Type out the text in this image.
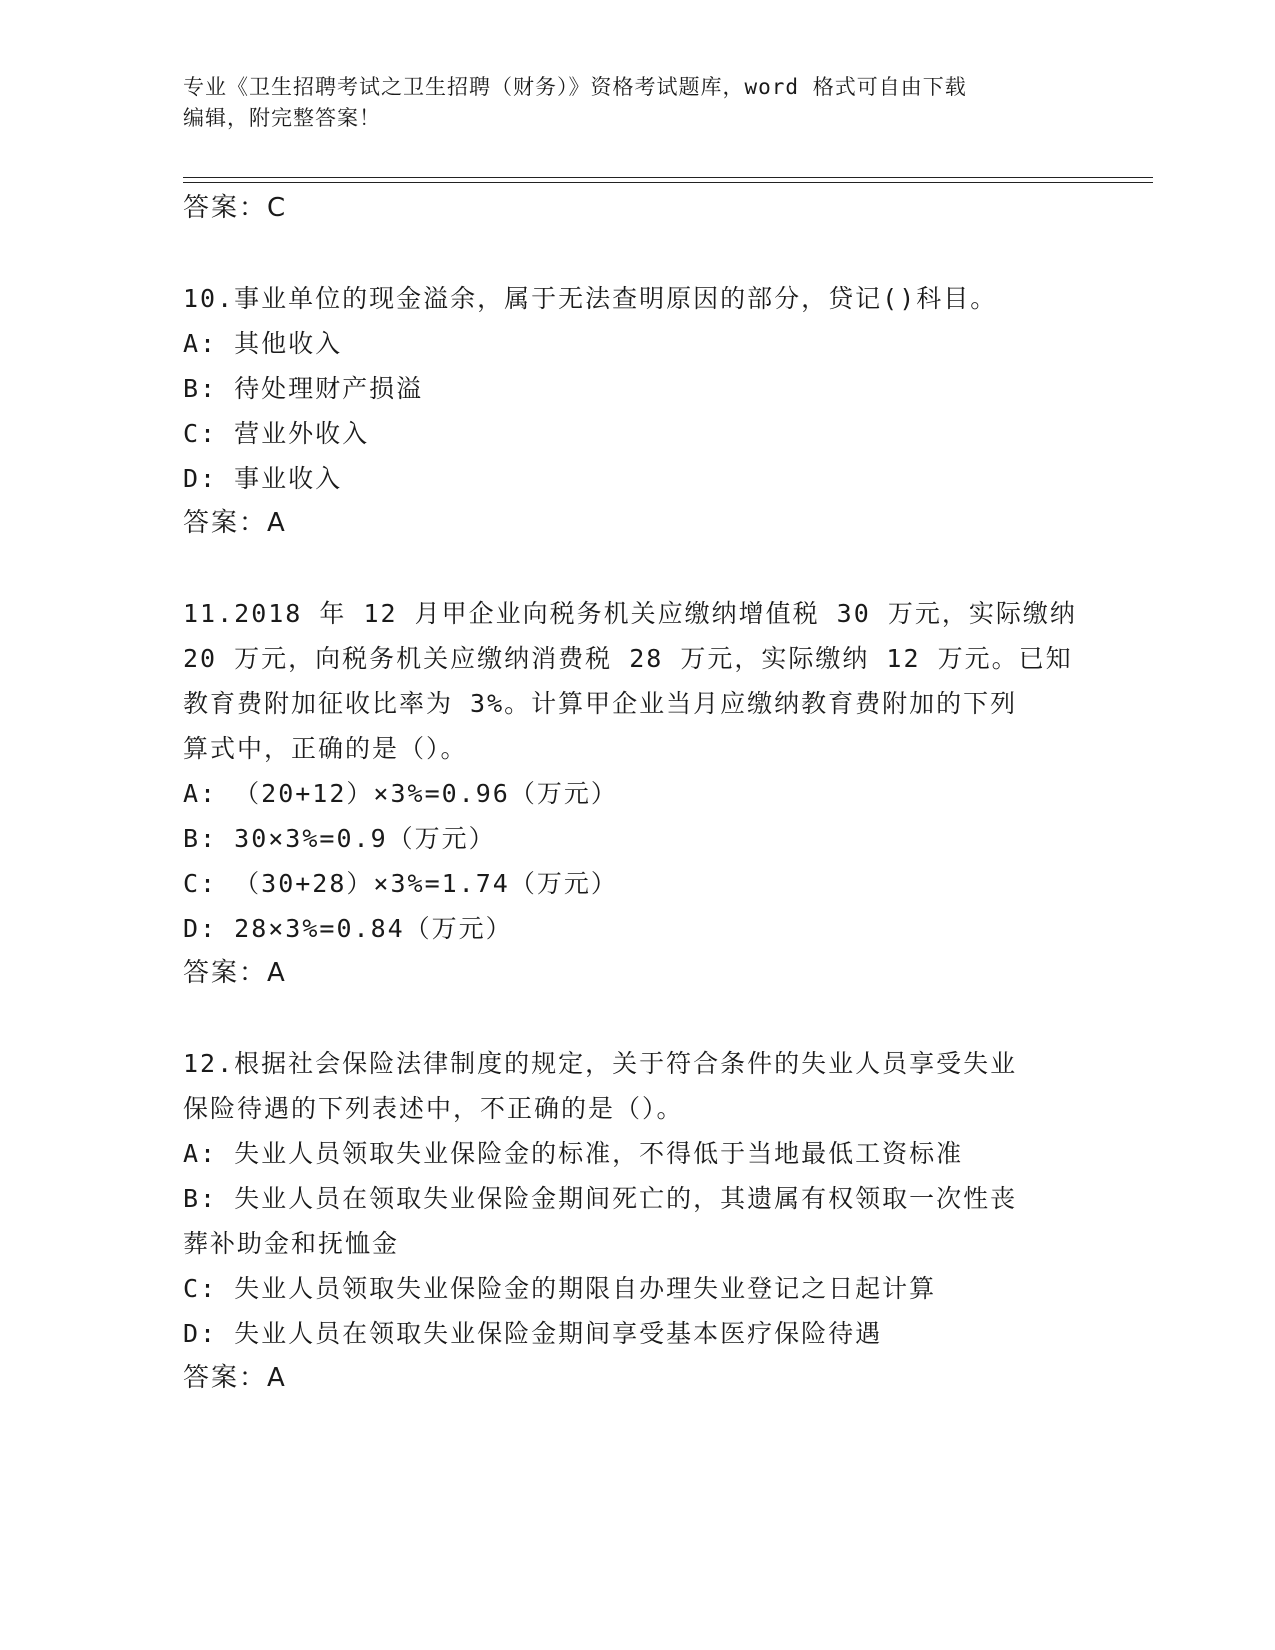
专业《卫生招聘考试之卫生招聘（财务）》资格考试题库，word 格式可自由下载
编辑，附完整答案！
答案：C
10.事业单位的现金溢余，属于无法查明原因的部分，贷记()科目。
A: 其他收入
B: 待处理财产损溢
C: 营业外收入
D: 事业收入
答案：A
11.2018 年 12 月甲企业向税务机关应缴纳增值税 30 万元，实际缴纳
20 万元，向税务机关应缴纳消费税 28 万元，实际缴纳 12 万元。已知
教育费附加征收比率为 3%。计算甲企业当月应缴纳教育费附加的下列
算式中，正确的是（）。
A: （20+12）×3%=0.96（万元）
B: 30×3%=0.9（万元）
C: （30+28）×3%=1.74（万元）
D: 28×3%=0.84（万元）
答案：A
12.根据社会保险法律制度的规定，关于符合条件的失业人员享受失业
保险待遇的下列表述中，不正确的是（）。
A: 失业人员领取失业保险金的标准，不得低于当地最低工资标准
B: 失业人员在领取失业保险金期间死亡的，其遗属有权领取一次性丧
葬补助金和抚恤金
C: 失业人员领取失业保险金的期限自办理失业登记之日起计算
D: 失业人员在领取失业保险金期间享受基本医疗保险待遇
答案：A
